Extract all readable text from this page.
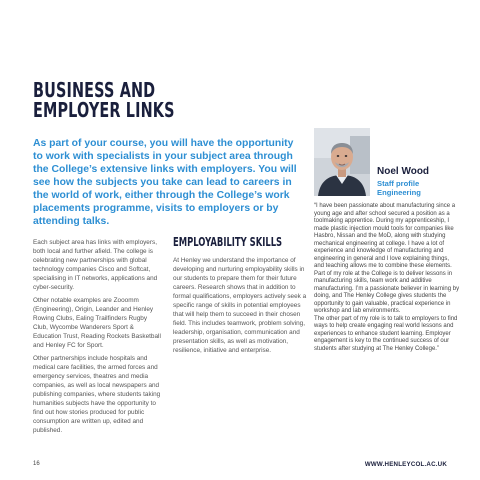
BUSINESS AND
EMPLOYER LINKS

As part of your course, you will have the opportunity to work with specialists in your subject area through the College’s extensive links with employers. You will see how the subjects you take can lead to careers in the world of work, either through the College’s work placements programme, visits to employers or by attending talks.

Each subject area has links with employers, both local and further afield. The college is celebrating new partnerships with global technology companies Cisco and Softcat, specialising in IT networks, applications and cyber-security.

Other notable examples are Zooomm (Engineering), Origin, Leander and Henley Rowing Clubs, Ealing Trailfinders Rugby Club, Wycombe Wanderers Sport & Education Trust, Reading Rockets Basketball and Henley FC for Sport.

Other partnerships include hospitals and medical care facilities, the armed forces and emergency services, theatres and media companies, as well as local newspapers and publishing companies, where students taking humanities subjects have the opportunity to find out how stories produced for public consumption are written up, edited and published.

EMPLOYABILITY SKILLS

At Henley we understand the importance of developing and nurturing employability skills in our students to prepare them for their future careers. Research shows that in addition to formal qualifications, employers actively seek a specific range of skills in potential employees that will help them to succeed in their chosen field. This includes teamwork, problem solving, leadership, organisation, communication and presentation skills, as well as motivation, resilience, initiative and enterprise.

Noel Wood
Staff profile
Engineering

“I have been passionate about manufacturing since a young age and after school secured a position as a toolmaking apprentice. During my apprenticeship, I made plastic injection mould tools for companies like Hasbro, Nissan and the MoD, along with studying mechanical engineering at college. I have a lot of experience and knowledge of manufacturing and engineering in general and I love explaining things, and teaching allows me to combine these elements.

Part of my role at the College is to deliver lessons in manufacturing skills, team work and additive manufacturing. I’m a passionate believer in learning by doing, and The Henley College gives students the opportunity to gain valuable, practical experience in workshop and lab environments.

The other part of my role is to talk to employers to find ways to help create engaging real world lessons and experiences to enhance student learning. Employer engagement is key to the continued success of our students after studying at The Henley College.”

16	WWW.HENLEYCOL.AC.UK
